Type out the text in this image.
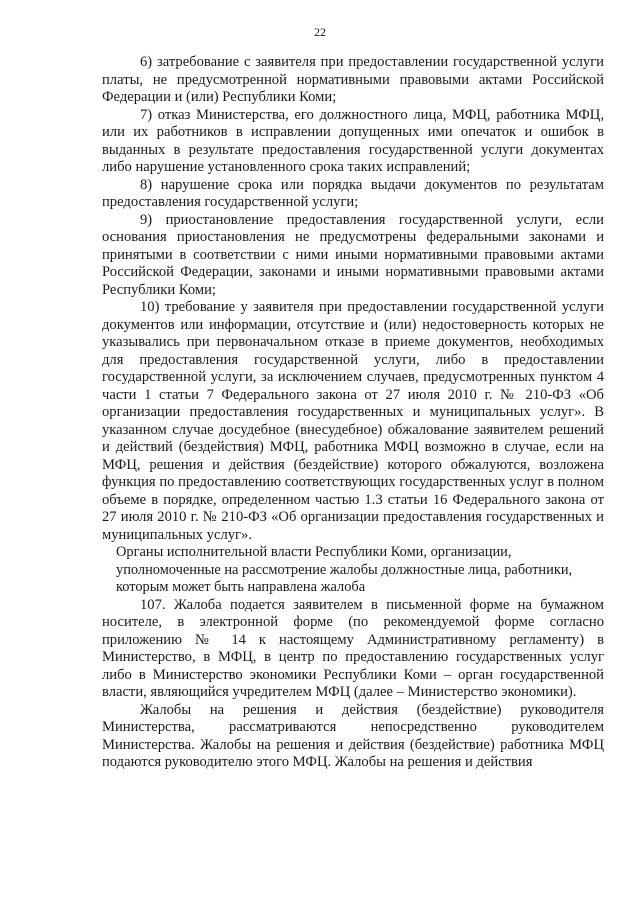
22

6) затребование с заявителя при предоставлении государственной услуги платы, не предусмотренной нормативными правовыми актами Российской Федерации и (или) Республики Коми;

7) отказ Министерства, его должностного лица, МФЦ, работника МФЦ, или их работников в исправлении допущенных ими опечаток и ошибок в выданных в результате предоставления государственной услуги документах либо нарушение установленного срока таких исправлений;

8) нарушение срока или порядка выдачи документов по результатам предоставления государственной услуги;

9) приостановление предоставления государственной услуги, если основания приостановления не предусмотрены федеральными законами и принятыми в соответствии с ними иными нормативными правовыми актами Российской Федерации, законами и иными нормативными правовыми актами Республики Коми;

10) требование у заявителя при предоставлении государственной услуги документов или информации, отсутствие и (или) недостоверность которых не указывались при первоначальном отказе в приеме документов, необходимых для предоставления государственной услуги, либо в предоставлении государственной услуги, за исключением случаев, предусмотренных пунктом 4 части 1 статьи 7 Федерального закона от 27 июля 2010 г. № 210-ФЗ «Об организации предоставления государственных и муниципальных услуг». В указанном случае досудебное (внесудебное) обжалование заявителем решений и действий (бездействия) МФЦ, работника МФЦ возможно в случае, если на МФЦ, решения и действия (бездействие) которого обжалуются, возложена функция по предоставлению соответствующих государственных услуг в полном объеме в порядке, определенном частью 1.3 статьи 16 Федерального закона от 27 июля 2010 г. № 210-ФЗ «Об организации предоставления государственных и муниципальных услуг».

Органы исполнительной власти Республики Коми, организации,
уполномоченные на рассмотрение жалобы должностные лица, работники,
которым может быть направлена жалоба

107. Жалоба подается заявителем в письменной форме на бумажном носителе, в электронной форме (по рекомендуемой форме согласно приложению № 14 к настоящему Административному регламенту) в Министерство, в МФЦ, в центр по предоставлению государственных услуг либо в Министерство экономики Республики Коми – орган государственной власти, являющийся учредителем МФЦ (далее – Министерство экономики).

Жалобы на решения и действия (бездействие) руководителя Министерства, рассматриваются непосредственно руководителем Министерства. Жалобы на решения и действия (бездействие) работника МФЦ подаются руководителю этого МФЦ. Жалобы на решения и действия
